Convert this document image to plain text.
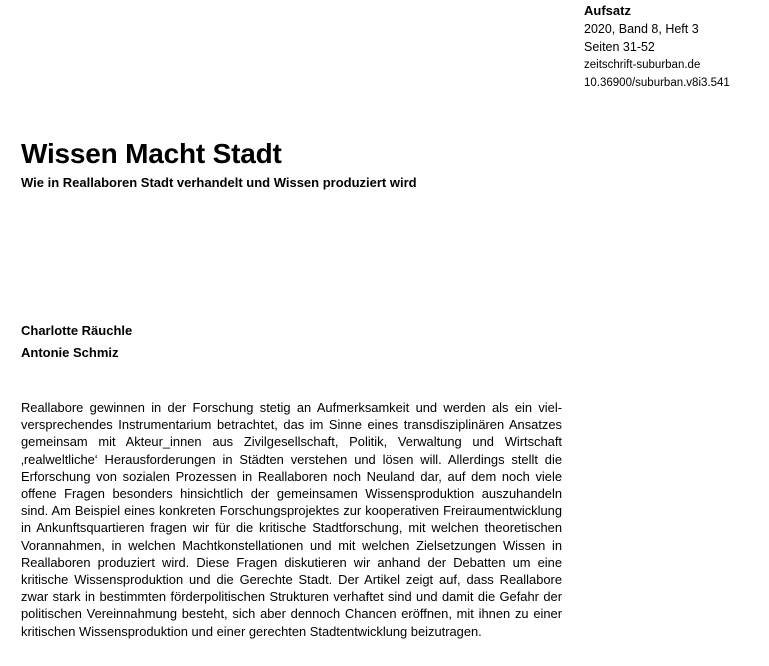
Aufsatz
2020, Band 8, Heft 3
Seiten 31-52
zeitschrift-suburban.de
10.36900/suburban.v8i3.541
Wissen Macht Stadt
Wie in Reallaboren Stadt verhandelt und Wissen produziert wird
Charlotte Räuchle
Antonie Schmiz

Reallabore gewinnen in der Forschung stetig an Aufmerksamkeit und werden als ein vielversprechendes Instrumentarium betrachtet, das im Sinne eines transdisziplinären Ansatzes gemeinsam mit Akteur_innen aus Zivilgesellschaft, Politik, Verwaltung und Wirtschaft ‚realweltliche‘ Herausforderungen in Städten verstehen und lösen will. Allerdings stellt die Erforschung von sozialen Prozessen in Reallaboren noch Neuland dar, auf dem noch viele offene Fragen besonders hinsichtlich der gemeinsamen Wissensproduktion auszuhandeln sind. Am Beispiel eines konkreten Forschungsprojektes zur kooperativen Freiraumentwicklung in Ankunftsquartieren fragen wir für die kritische Stadtforschung, mit welchen theoretischen Vorannahmen, in welchen Machtkonstellationen und mit welchen Zielsetzungen Wissen in Reallaboren produziert wird. Diese Fragen diskutieren wir anhand der Debatten um eine kritische Wissensproduktion und die Gerechte Stadt. Der Artikel zeigt auf, dass Reallabore zwar stark in bestimmten förderpolitischen Strukturen verhaftet sind und damit die Gefahr der politischen Vereinnahmung besteht, sich aber dennoch Chancen eröffnen, mit ihnen zu einer kritischen Wissensproduktion und einer gerechten Stadtentwicklung beizutragen.
